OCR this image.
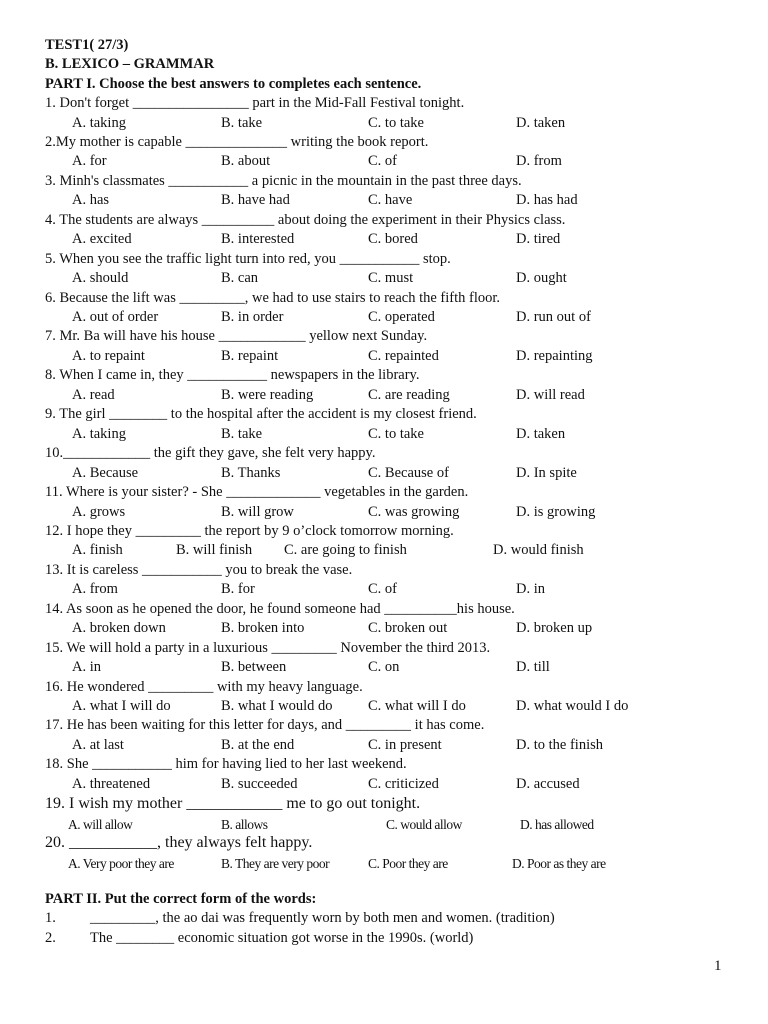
TEST1( 27/3)
B. LEXICO – GRAMMAR
PART I. Choose the best answers to completes each sentence.
1. Don't forget ________________ part in the Mid-Fall Festival tonight.
A. taking	B. take	C. to take	D. taken
2.My mother is capable ______________ writing the book report.
A. for	B. about	C. of	D. from
3. Minh's classmates ___________ a picnic in the mountain in the past three days.
A. has	B. have had	C. have	D. has had
4. The students are always __________ about doing the experiment in their Physics class.
A. excited	B. interested	C. bored	D. tired
5. When you see the traffic light turn into red, you ___________ stop.
A. should	B. can	C. must	D. ought
6. Because the lift was _________, we had to use stairs to reach the fifth floor.
A. out of order	B. in order	C. operated	D. run out of
7. Mr. Ba will have his house ____________ yellow next Sunday.
A. to repaint	B. repaint	C. repainted	D. repainting
8. When I came in, they ___________ newspapers in the library.
A. read	B. were reading	C. are reading	D. will read
9. The girl ________ to the hospital after the accident is my closest friend.
A. taking	B. take	C. to take	D. taken
10.____________ the gift they gave, she felt very happy.
A. Because	B. Thanks	C. Because of	D. In spite
11. Where is your sister? - She _____________ vegetables in the garden.
A. grows	B. will grow	C. was growing	D. is growing
12. I hope they _________ the report by 9 o’clock tomorrow morning.
A. finish	B. will finish C. are going to finish	D. would finish
13. It is careless ___________ you to break the vase.
A. from	B. for	C. of	D. in
14. As soon as he opened the door, he found someone had __________his house.
A. broken down	B. broken into	C. broken out	D. broken up
15. We will hold a party in a luxurious _________ November the third 2013.
A. in	B. between	C. on	D. till
16. He wondered _________ with my heavy language.
A. what I will do	B. what I would do C. what will I do	D. what would I do
17. He has been waiting for this letter for days, and _________ it has come.
A. at last	B. at the end	C. in present	D. to the finish
18. She ___________ him for having lied to her last weekend.
A. threatened	B. succeeded	C. criticized	D. accused
19. I wish my mother ____________ me to go out tonight.
A. will allow	B. allows	C. would allow	D. has allowed
20. ___________, they always felt happy.
A. Very poor they are	B. They are very poor	C. Poor they are	D. Poor as they are
PART II. Put the correct form of the words:
1. _________, the ao dai was frequently worn by both men and women. (tradition)
2. The ________ economic situation got worse in the 1990s. (world)
1
